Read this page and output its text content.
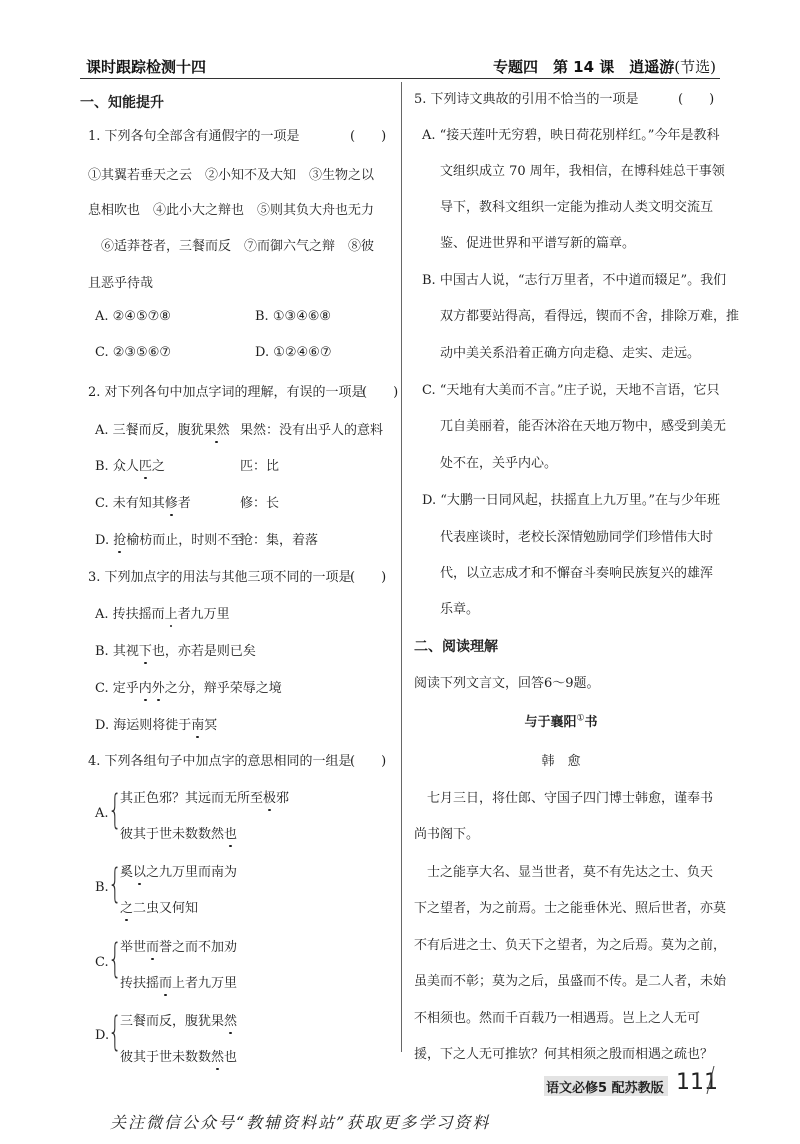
课时跟踪检测十四	专题四　第 14 课　逍遥游(节选)
一、知能提升
1. 下列各句全部含有通假字的一项是	(　　)
①其翼若垂天之云　②小知不及大知　③生物之以
息相吹也　④此小大之辩也　⑤则其负大舟也无力
　⑥适莽苍者，三餐而反　⑦而御六气之辩　⑧彼
且恶乎待哉
A. ②④⑤⑦⑧	B. ①③④⑥⑧
C. ②③⑤⑥⑦	D. ①②④⑥⑦
2. 对下列各句中加点字词的理解，有误的一项是
(　　)
A. 三餐而反，腹犹果然 果然：没有出乎人的意料
B. 众人匹之	匹：比
C. 未有知其修者	修：长
D. 抢榆枋而止，时则不至
抢：集，着落
3. 下列加点字的用法与其他三项不同的一项是
(　　)
A. 抟扶摇而上者九万里
B. 其视下也，亦若是则已矣
C. 定乎内外之分，辩乎荣辱之境
D. 海运则将徙于南冥
4. 下列各组句子中加点字的意思相同的一组是
(　　)
A. {
其正色邪？其远而无所至极邪
彼其于世未数数然也
B. {
奚以之九万里而南为
之二虫又何知
C. {
举世而誉之而不加劝
抟扶摇而上者九万里
D.
{
三餐而反，腹犹果然
彼其于世未数数然也
5. 下列诗文典故的引用不恰当的一项是	(　　)
A. “接天莲叶无穷碧，映日荷花别样红。”今年是教科
文组织成立 70 周年，我相信，在博科娃总干事领
导下，教科文组织一定能为推动人类文明交流互
鉴、促进世界和平谱写新的篇章。
B. 中国古人说，“志行万里者，不中道而辍足”。我们
双方都要站得高，看得远，锲而不舍，排除万难，推
动中美关系沿着正确方向走稳、走实、走远。
C. “天地有大美而不言。”庄子说，天地不言语，它只
兀自美丽着，能否沐浴在天地万物中，感受到美无
处不在，关乎内心。
D. “大鹏一日同风起，扶摇直上九万里。”在与少年班
代表座谈时，老校长深情勉励同学们珍惜伟大时
代，以立志成才和不懈奋斗奏响民族复兴的雄浑
乐章。
二、阅读理解
阅读下列文言文，回答6～9题。
与于襄阳①书
韩　愈
　七月三日，将仕郎、守国子四门博士韩愈，谨奉书
尚书阁下。
　士之能享大名、显当世者，莫不有先达之士、负天
下之望者，为之前焉。士之能垂休光、照后世者，亦莫
不有后进之士、负天下之望者，为之后焉。莫为之前，
虽美而不彰；莫为之后，虽盛而不传。是二人者，未始
不相须也。然而千百载乃一相遇焉。岂上之人无可
援，下之人无可推欤？何其相须之殷而相遇之疏也？
语文必修5 配苏教版 111
关注微信公众号“教辅资料站”获取更多学习资料
